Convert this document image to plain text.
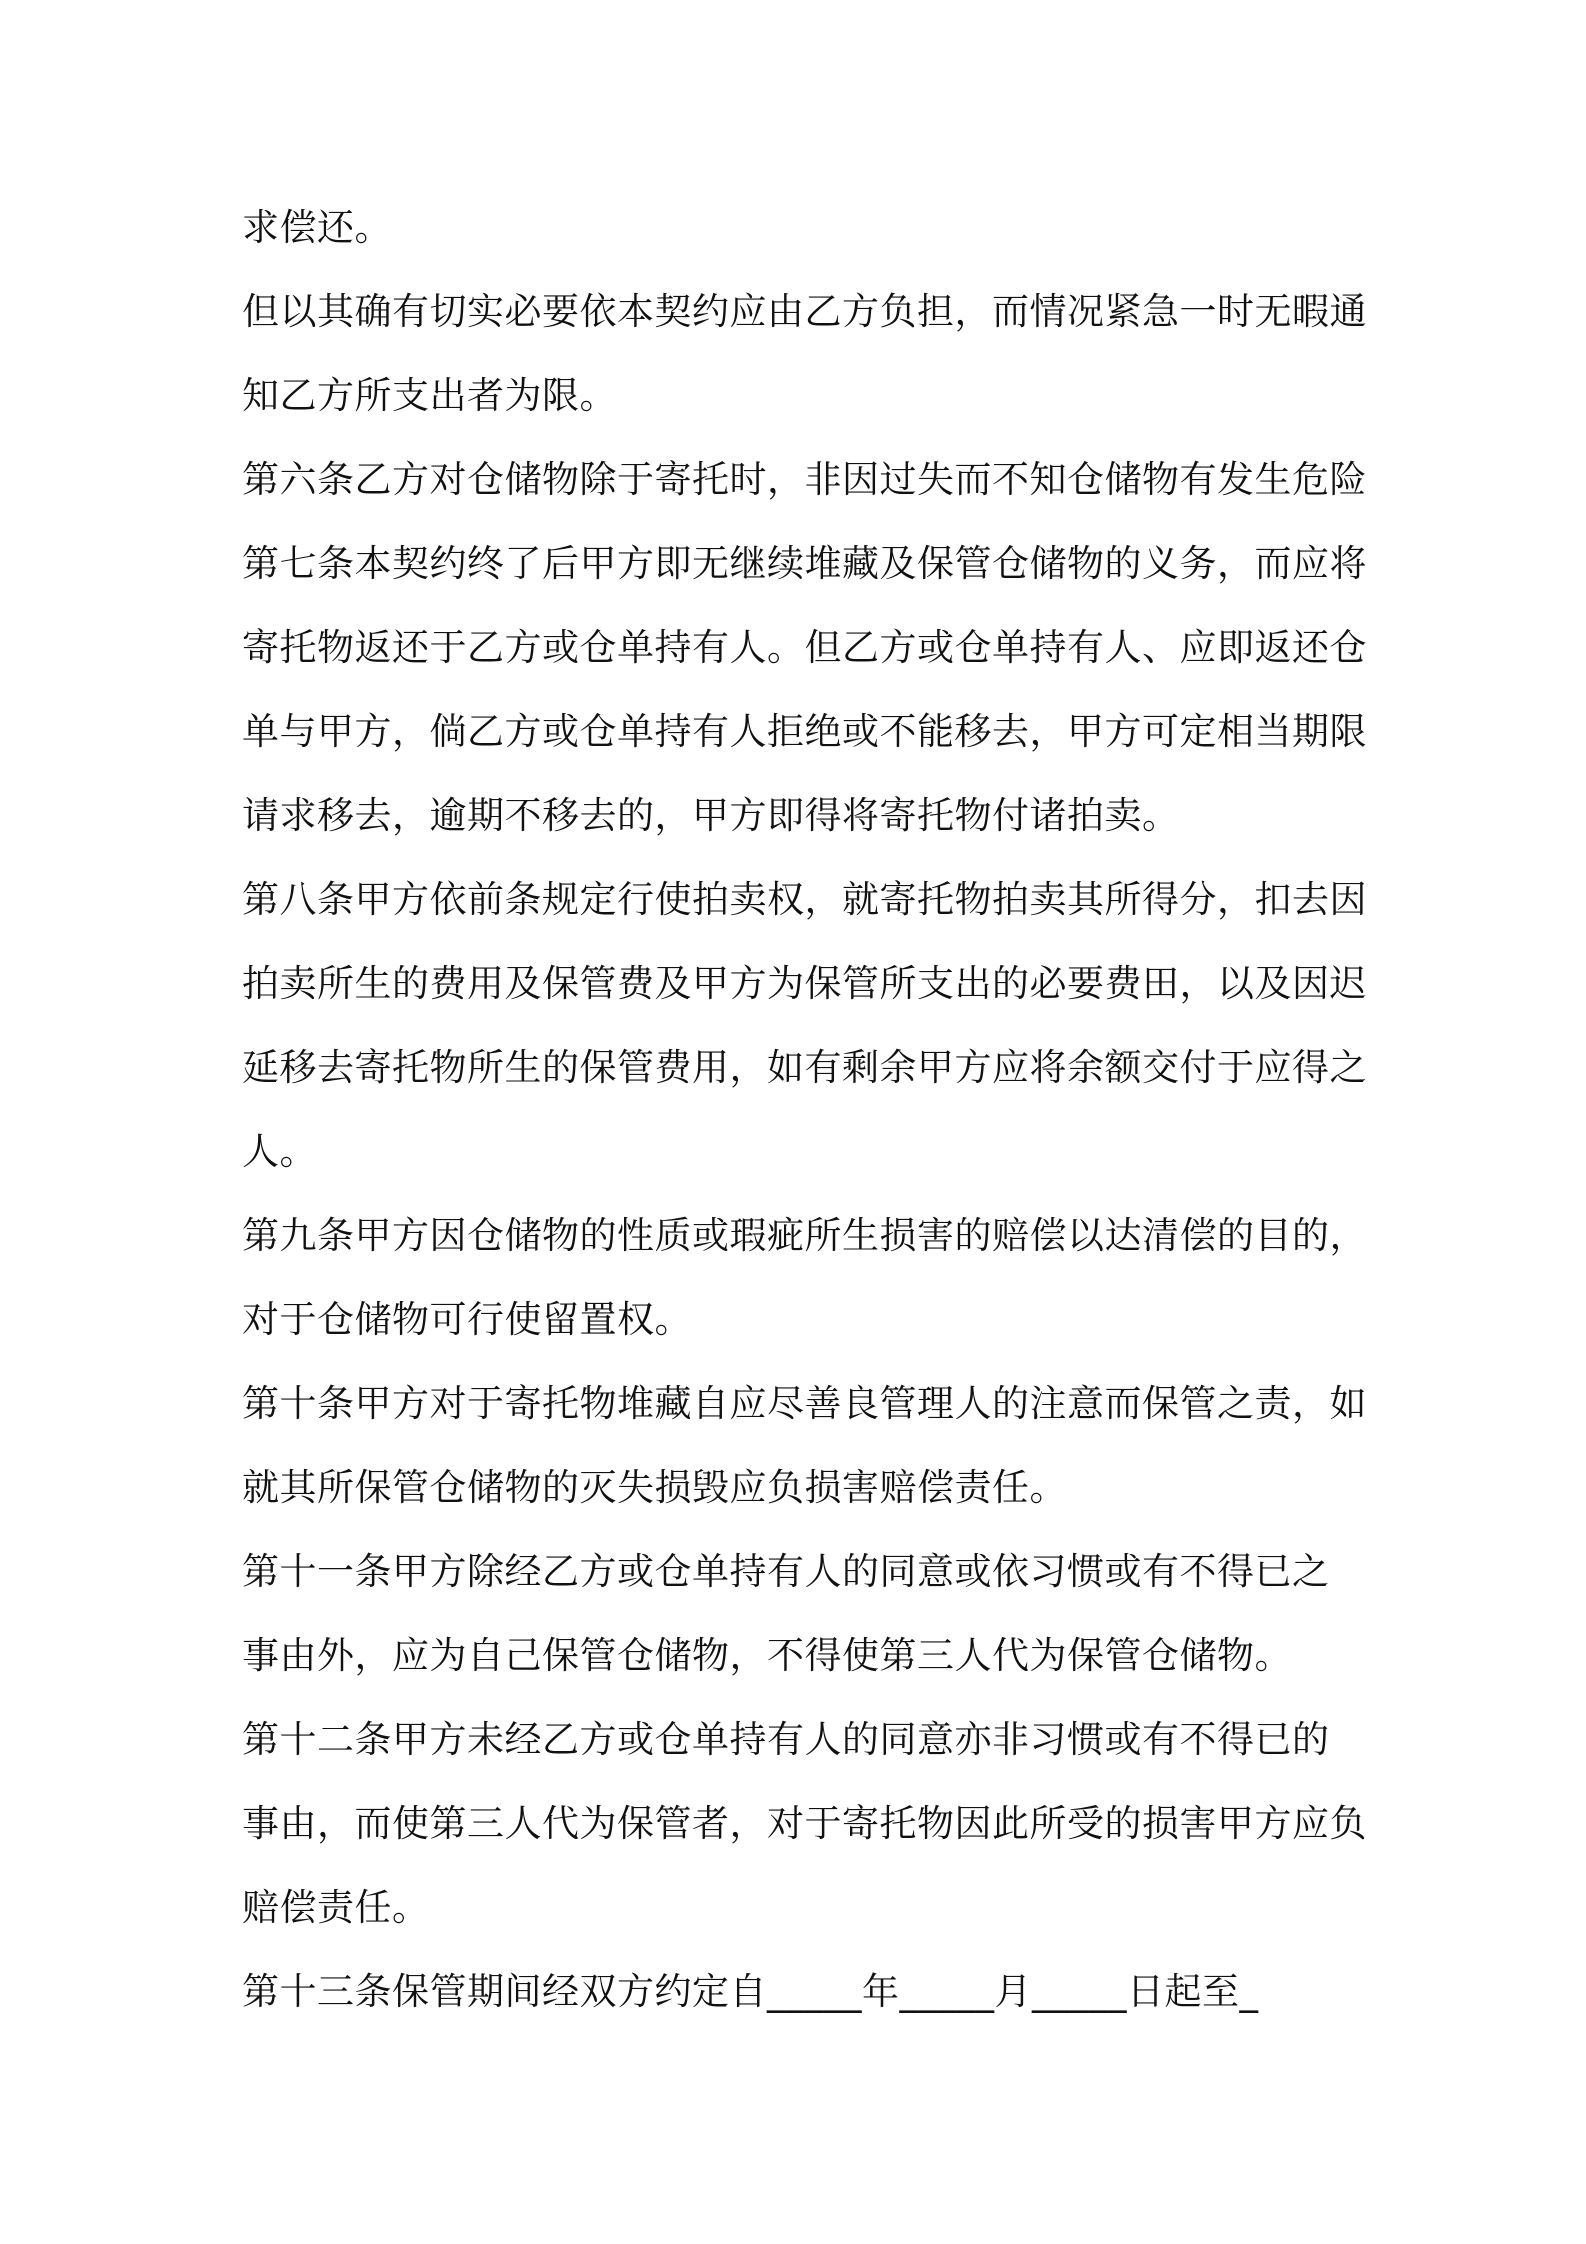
求偿还。
但以其确有切实必要依本契约应由乙方负担，而情况紧急一时无暇通
知乙方所支出者为限。
第六条乙方对仓储物除于寄托时，非因过失而不知仓储物有发生危险
第七条本契约终了后甲方即无继续堆藏及保管仓储物的义务，而应将
寄托物返还于乙方或仓单持有人。但乙方或仓单持有人、应即返还仓
单与甲方，倘乙方或仓单持有人拒绝或不能移去，甲方可定相当期限
请求移去，逾期不移去的，甲方即得将寄托物付诸拍卖。
第八条甲方依前条规定行使拍卖权，就寄托物拍卖其所得分，扣去因
拍卖所生的费用及保管费及甲方为保管所支出的必要费田，以及因迟
延移去寄托物所生的保管费用，如有剩余甲方应将余额交付于应得之
人。
第九条甲方因仓储物的性质或瑕疵所生损害的赔偿以达清偿的目的，
对于仓储物可行使留置权。
第十条甲方对于寄托物堆藏自应尽善良管理人的注意而保管之责，如
就其所保管仓储物的灭失损毁应负损害赔偿责任。
第十一条甲方除经乙方或仓单持有人的同意或依习惯或有不得已之
事由外，应为自己保管仓储物，不得使第三人代为保管仓储物。
第十二条甲方未经乙方或仓单持有人的同意亦非习惯或有不得已的
事由，而使第三人代为保管者，对于寄托物因此所受的损害甲方应负
赔偿责任。
第十三条保管期间经双方约定自_____年_____月_____日起至_
